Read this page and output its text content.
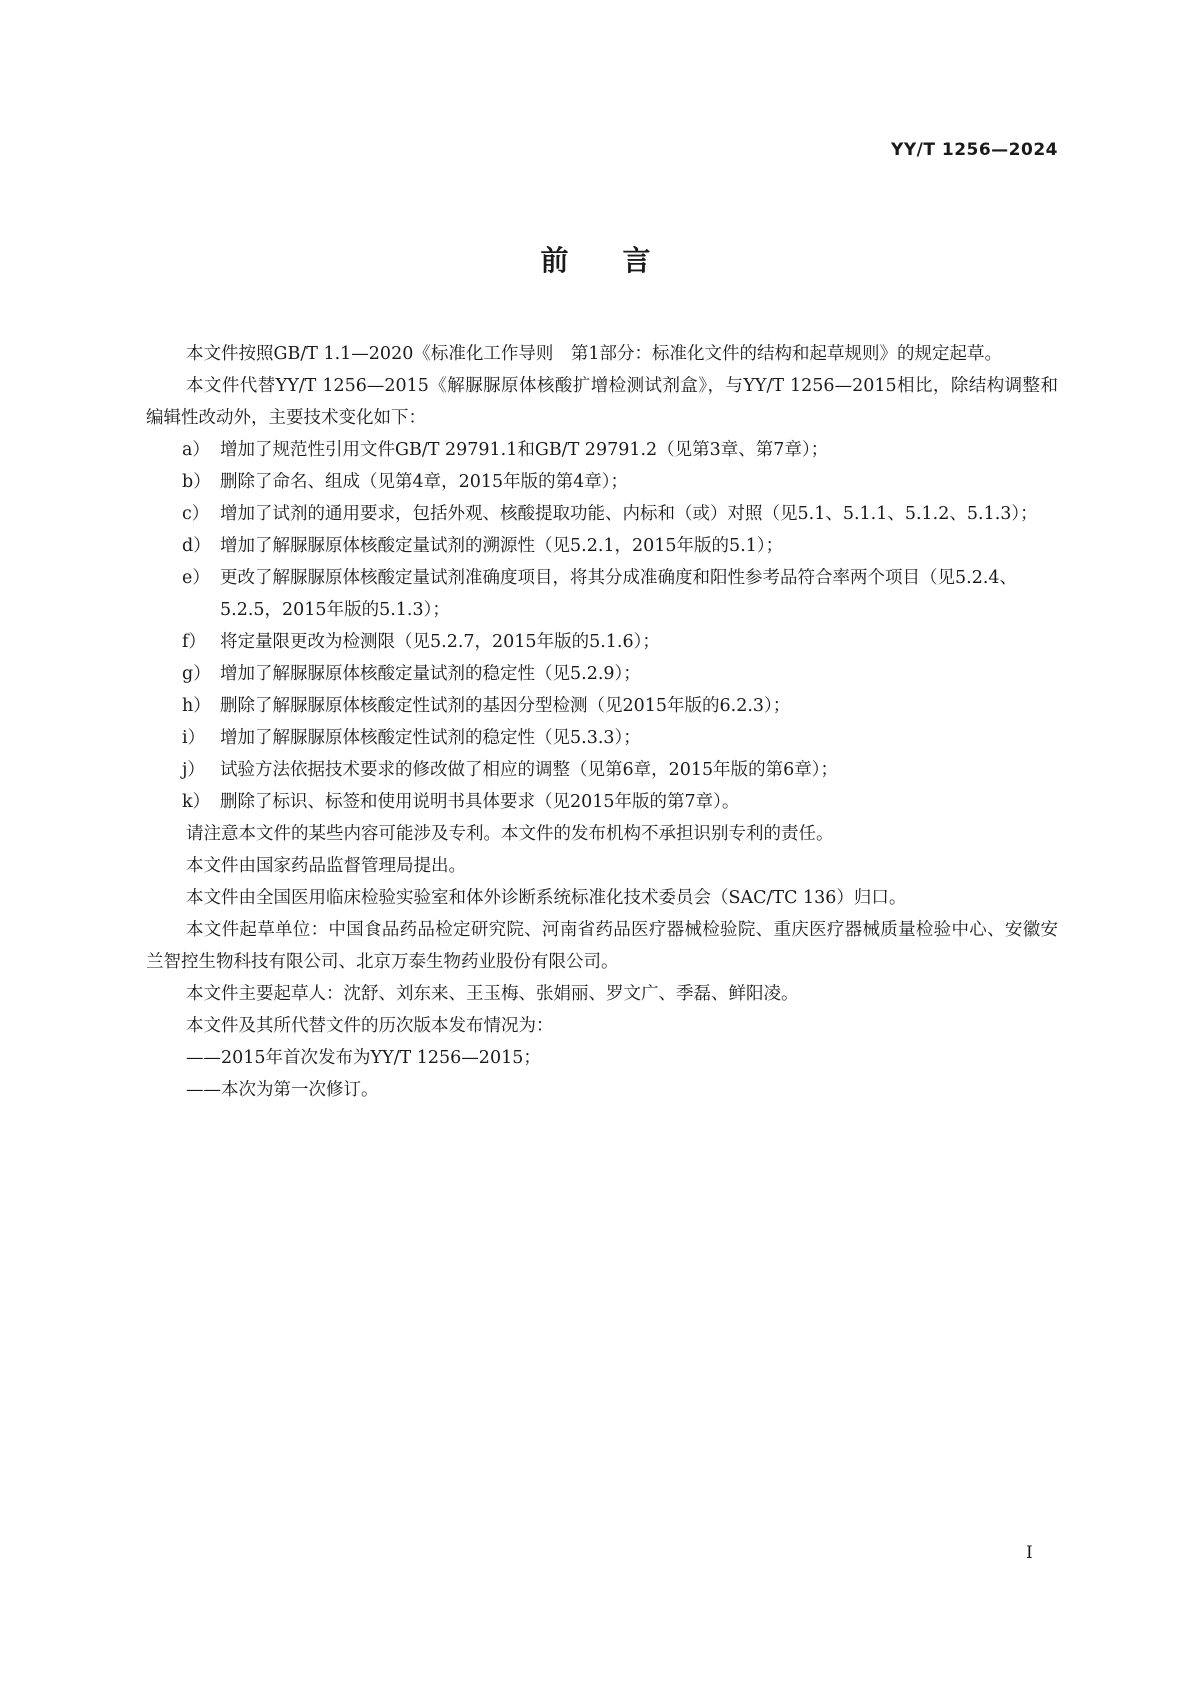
YY/T 1256—2024
前言

本文件按照GB/T 1.1—2020《标准化工作导则　第1部分：标准化文件的结构和起草规则》的规定起草。

本文件代替YY/T 1256—2015《解脲脲原体核酸扩增检测试剂盒》，与YY/T 1256—2015相比，除结构调整和编辑性改动外，主要技术变化如下：

a） 增加了规范性引用文件GB/T 29791.1和GB/T 29791.2（见第3章、第7章）；

b） 删除了命名、组成（见第4章，2015年版的第4章）；

c） 增加了试剂的通用要求，包括外观、核酸提取功能、内标和（或）对照（见5.1、5.1.1、5.1.2、5.1.3）；

d） 增加了解脲脲原体核酸定量试剂的溯源性（见5.2.1，2015年版的5.1）；

e） 更改了解脲脲原体核酸定量试剂准确度项目，将其分成准确度和阳性参考品符合率两个项目（见5.2.4、5.2.5，2015年版的5.1.3）；

f） 将定量限更改为检测限（见5.2.7，2015年版的5.1.6）；

g） 增加了解脲脲原体核酸定量试剂的稳定性（见5.2.9）；

h） 删除了解脲脲原体核酸定性试剂的基因分型检测（见2015年版的6.2.3）；

i） 增加了解脲脲原体核酸定性试剂的稳定性（见5.3.3）；

j） 试验方法依据技术要求的修改做了相应的调整（见第6章，2015年版的第6章）；

k） 删除了标识、标签和使用说明书具体要求（见2015年版的第7章）。

请注意本文件的某些内容可能涉及专利。本文件的发布机构不承担识别专利的责任。

本文件由国家药品监督管理局提出。

本文件由全国医用临床检验实验室和体外诊断系统标准化技术委员会（SAC/TC 136）归口。

本文件起草单位：中国食品药品检定研究院、河南省药品医疗器械检验院、重庆医疗器械质量检验中心、安徽安兰智控生物科技有限公司、北京万泰生物药业股份有限公司。

本文件主要起草人：沈舒、刘东来、王玉梅、张娟丽、罗文广、季磊、鲜阳凌。

本文件及其所代替文件的历次版本发布情况为：

——2015年首次发布为YY/T 1256—2015；

——本次为第一次修订。

I
